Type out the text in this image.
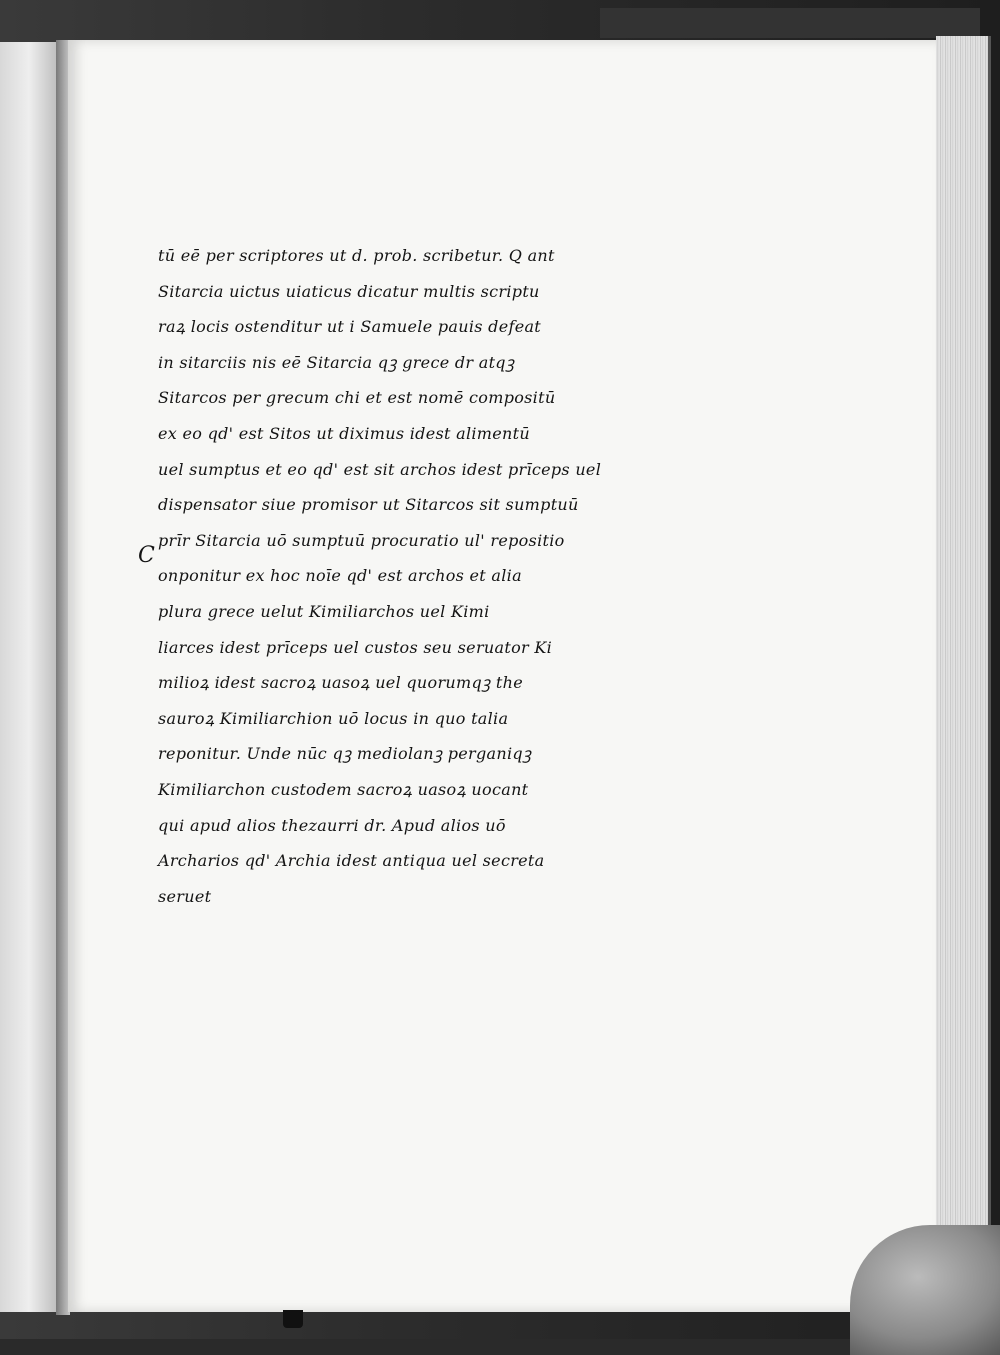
C
tū eē per scriptores ut d. prob. scribetur. Q ant
Sitarcia uictus uiaticus dicatur multis scriptu
raꝝ locis ostenditur ut i Samuele pauis defeat
in sitarciis nis eē Sitarcia qꝫ grece dr atqꝫ
Sitarcos per grecum chi et est nomē compositū
ex eo qd' est Sitos ut diximus idest alimentū
uel sumptus et eo qd' est sit archos idest prīceps uel
dispensator siue promisor ut Sitarcos sit sumptuū
prīr Sitarcia uō sumptuū procuratio ul' repositio
onponitur ex hoc noīe qd' est archos et alia
plura grece uelut Kimiliarchos uel Kimi
liarces idest prīceps uel custos seu seruator Ki
milioꝝ idest sacroꝝ uasoꝝ uel quorumqꝫ the
sauroꝝ Kimiliarchion uō locus in quo talia
reponitur. Unde nūc qꝫ mediolanꝫ perganiqꝫ
Kimiliarchon custodem sacroꝝ uasoꝝ uocant
qui apud alios thezaurri dr. Apud alios uō
Archarios qd' Archia idest antiqua uel secreta
seruet
